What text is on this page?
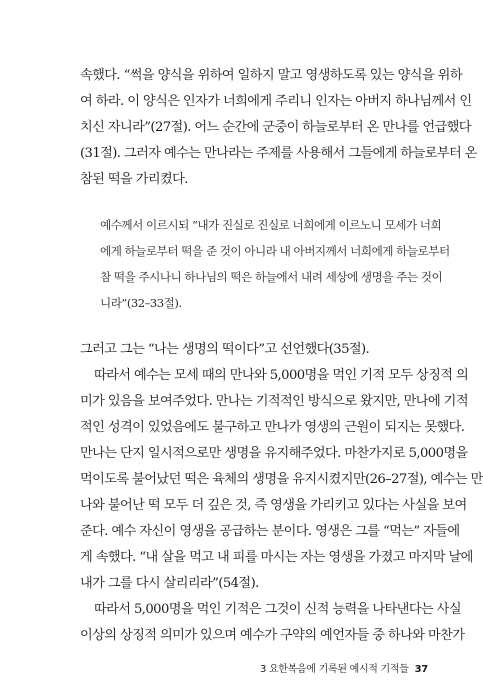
속했다. “썩을 양식을 위하여 일하지 말고 영생하도록 있는 양식을 위하

여 하라. 이 양식은 인자가 너희에게 주리니 인자는 아버지 하나님께서 인

치신 자니라”(27절). 어느 순간에 군중이 하늘로부터 온 만나를 언급했다

(31절). 그러자 예수는 만나라는 주제를 사용해서 그들에게 하늘로부터 온

참된 떡을 가리켰다.

예수께서 이르시되 “내가 진실로 진실로 너희에게 이르노니 모세가 너희

에게 하늘로부터 떡을 준 것이 아니라 내 아버지께서 너희에게 하늘로부터

참 떡을 주시나니 하나님의 떡은 하늘에서 내려 세상에 생명을 주는 것이

니라”(32–33절).

그러고 그는 “나는 생명의 떡이다”고 선언했다(35절).

따라서 예수는 모세 때의 만나와 5,000명을 먹인 기적 모두 상징적 의

미가 있음을 보여주었다. 만나는 기적적인 방식으로 왔지만, 만나에 기적

적인 성격이 있었음에도 불구하고 만나가 영생의 근원이 되지는 못했다.

만나는 단지 일시적으로만 생명을 유지해주었다. 마찬가지로 5,000명을

먹이도록 불어났던 떡은 육체의 생명을 유지시켰지만(26–27절), 예수는 만

나와 불어난 떡 모두 더 깊은 것, 즉 영생을 가리키고 있다는 사실을 보여

준다. 예수 자신이 영생을 공급하는 분이다. 영생은 그를 “먹는” 자들에

게 속했다. “내 살을 먹고 내 피를 마시는 자는 영생을 가졌고 마지막 날에

내가 그를 다시 살리리라”(54절).

따라서 5,000명을 먹인 기적은 그것이 신적 능력을 나타낸다는 사실

3 요한복음에 기록된 예시적 기적들 37

이상의 상징적 의미가 있으며 예수가 구약의 예언자들 중 하나와 마찬가
